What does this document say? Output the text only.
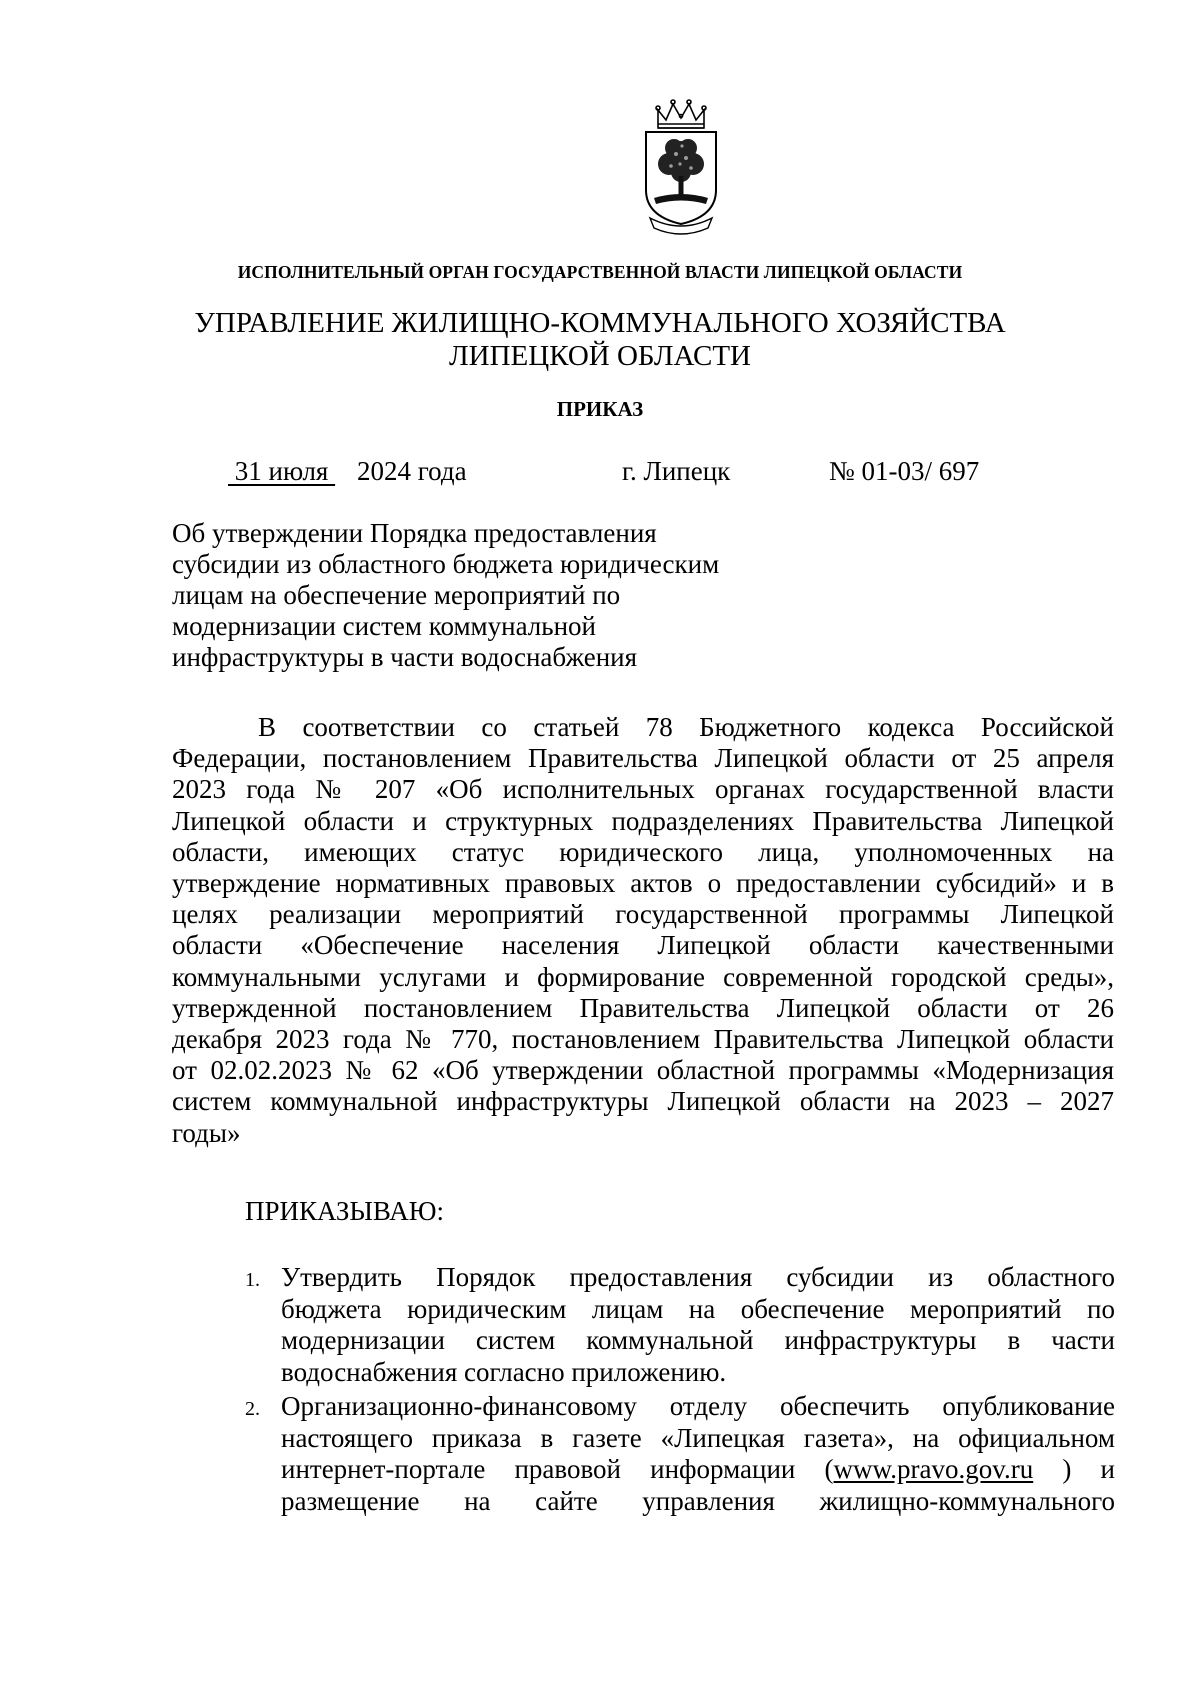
ИСПОЛНИТЕЛЬНЫЙ ОРГАН ГОСУДАРСТВЕННОЙ ВЛАСТИ ЛИПЕЦКОЙ ОБЛАСТИ
УПРАВЛЕНИЕ ЖИЛИЩНО-КОММУНАЛЬНОГО ХОЗЯЙСТВА
ЛИПЕЦКОЙ ОБЛАСТИ
ПРИКАЗ
31 июля 2024 года	г. Липецк	№ 01-03/ 697
Об утверждении Порядка предоставления
субсидии из областного бюджета юридическим
лицам на обеспечение мероприятий по
модернизации систем коммунальной
инфраструктуры в части водоснабжения
В соответствии со статьей 78 Бюджетного кодекса Российской
Федерации, постановлением Правительства Липецкой области от 25 апреля
2023 года № 207 «Об исполнительных органах государственной власти
Липецкой области и структурных подразделениях Правительства Липецкой
области, имеющих статус юридического лица, уполномоченных на
утверждение нормативных правовых актов о предоставлении субсидий» и в
целях реализации мероприятий государственной программы Липецкой
области «Обеспечение населения Липецкой области качественными
коммунальными услугами и формирование современной городской среды»,
утвержденной постановлением Правительства Липецкой области от 26
декабря 2023 года № 770, постановлением Правительства Липецкой области
от 02.02.2023 № 62 «Об утверждении областной программы «Модернизация
систем коммунальной инфраструктуры Липецкой области на 2023 – 2027
годы»
ПРИКАЗЫВАЮ:
1. Утвердить Порядок предоставления субсидии из областного
бюджета юридическим лицам на обеспечение мероприятий по
модернизации систем коммунальной инфраструктуры в части
водоснабжения согласно приложению.
2. Организационно-финансовому отделу обеспечить опубликование
настоящего приказа в газете «Липецкая газета», на официальном
интернет-портале правовой информации (www.pravo.gov.ru ) и
размещение на сайте управления жилищно-коммунального
